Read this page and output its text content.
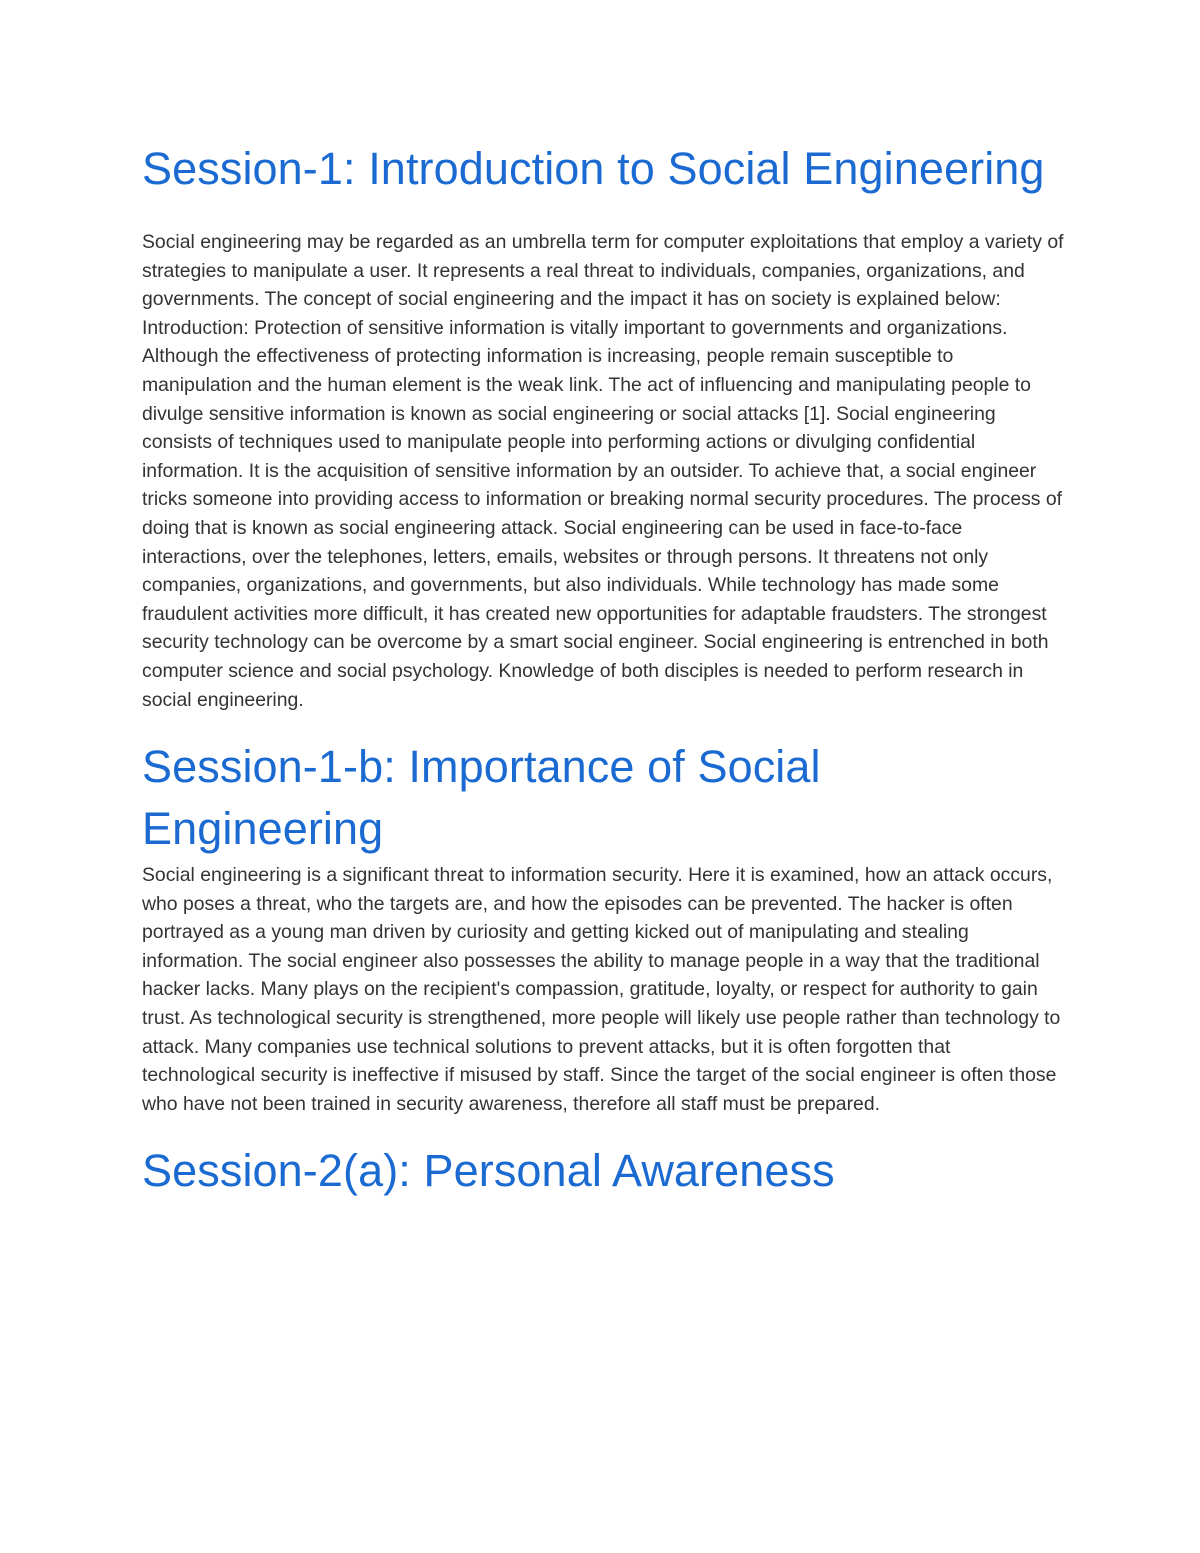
Session-1: Introduction to Social Engineering

Social engineering may be regarded as an umbrella term for computer exploitations that employ a variety of strategies to manipulate a user. It represents a real threat to individuals, companies, organizations, and governments. The concept of social engineering and the impact it has on society is explained below:

Introduction: Protection of sensitive information is vitally important to governments and organizations. Although the effectiveness of protecting information is increasing, people remain susceptible to manipulation and the human element is the weak link. The act of influencing and manipulating people to divulge sensitive information is known as social engineering or social attacks [1]. Social engineering consists of techniques used to manipulate people into performing actions or divulging confidential information. It is the acquisition of sensitive information by an outsider. To achieve that, a social engineer tricks someone into providing access to information or breaking normal security procedures. The process of doing that is known as social engineering attack. Social engineering can be used in face-to-face interactions, over the telephones, letters, emails, websites or through persons. It threatens not only companies, organizations, and governments, but also individuals. While technology has made some fraudulent activities more difficult, it has created new opportunities for adaptable fraudsters. The strongest security technology can be overcome by a smart social engineer. Social engineering is entrenched in both computer science and social psychology. Knowledge of both disciples is needed to perform research in social engineering.

Session-1-b: Importance of Social Engineering

Social engineering is a significant threat to information security. Here it is examined, how an attack occurs, who poses a threat, who the targets are, and how the episodes can be prevented. The hacker is often portrayed as a young man driven by curiosity and getting kicked out of manipulating and stealing information. The social engineer also possesses the ability to manage people in a way that the traditional hacker lacks. Many plays on the recipient's compassion, gratitude, loyalty, or respect for authority to gain trust. As technological security is strengthened, more people will likely use people rather than technology to attack. Many companies use technical solutions to prevent attacks, but it is often forgotten that technological security is ineffective if misused by staff. Since the target of the social engineer is often those who have not been trained in security awareness, therefore all staff must be prepared.

Session-2(a): Personal Awareness
